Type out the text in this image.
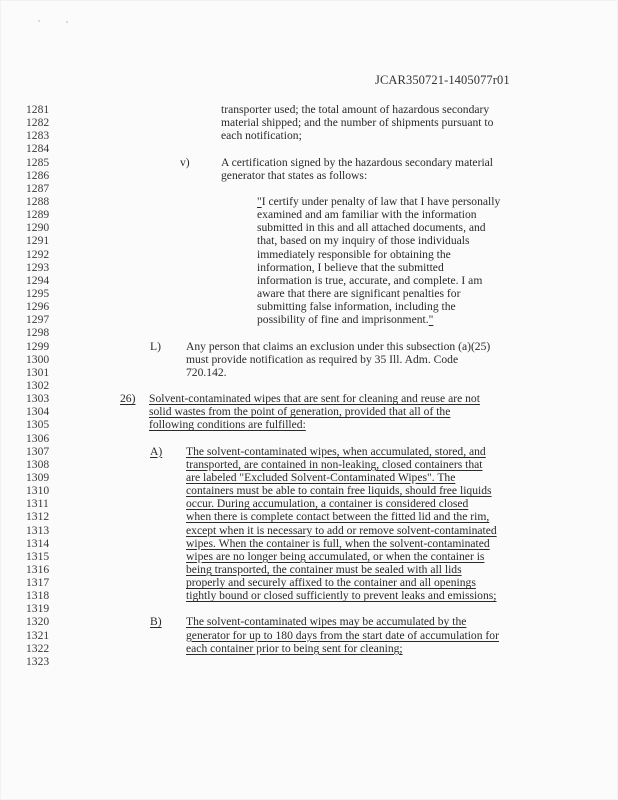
JCAR350721-1405077r01
1281	transporter used; the total amount of hazardous secondary
1282	material shipped; and the number of shipments pursuant to
1283	each notification;
1284
1285	v)	A certification signed by the hazardous secondary material
1286	generator that states as follows:
1287
1288	"I certify under penalty of law that I have personally
1289	examined and am familiar with the information
1290	submitted in this and all attached documents, and
1291	that, based on my inquiry of those individuals
1292	immediately responsible for obtaining the
1293	information, I believe that the submitted
1294	information is true, accurate, and complete. I am
1295	aware that there are significant penalties for
1296	submitting false information, including the
1297	possibility of fine and imprisonment."
1298
1299	L) Any person that claims an exclusion under this subsection (a)(25)
1300	must provide notification as required by 35 Ill. Adm. Code
1301	720.142.
1302
1303	26) Solvent-contaminated wipes that are sent for cleaning and reuse are not
1304	solid wastes from the point of generation, provided that all of the
1305	following conditions are fulfilled:
1306
1307	A) The solvent-contaminated wipes, when accumulated, stored, and
1308	transported, are contained in non-leaking, closed containers that
1309	are labeled "Excluded Solvent-Contaminated Wipes". The
1310	containers must be able to contain free liquids, should free liquids
1311	occur. During accumulation, a container is considered closed
1312	when there is complete contact between the fitted lid and the rim,
1313	except when it is necessary to add or remove solvent-contaminated
1314	wipes. When the container is full, when the solvent-contaminated
1315	wipes are no longer being accumulated, or when the container is
1316	being transported, the container must be sealed with all lids
1317	properly and securely affixed to the container and all openings
1318	tightly bound or closed sufficiently to prevent leaks and emissions;
1319
1320	B) The solvent-contaminated wipes may be accumulated by the
1321	generator for up to 180 days from the start date of accumulation for
1322	each container prior to being sent for cleaning;
1323
